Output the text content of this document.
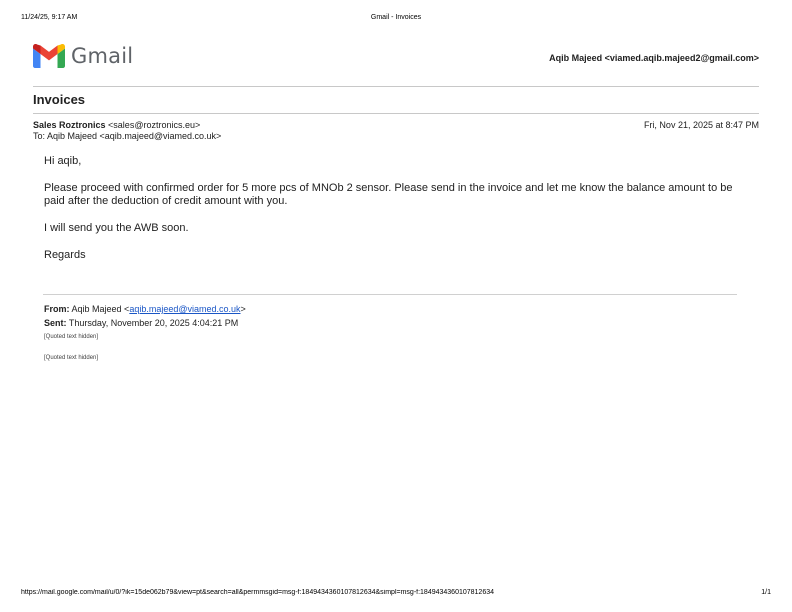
11/24/25, 9:17 AM	Gmail - Invoices
Gmail	Aqib Majeed <viamed.aqib.majeed2@gmail.com>
Invoices
Sales Roztronics <sales@roztronics.eu>	Fri, Nov 21, 2025 at 8:47 PM
To: Aqib Majeed <aqib.majeed@viamed.co.uk>
Hi aqib,
Please proceed with confirmed order for 5 more pcs of MNOb 2 sensor. Please send in the invoice and let me know the balance amount to be paid after the deduction of credit amount with you.
I will send you the AWB soon.
Regards
From: Aqib Majeed <aqib.majeed@viamed.co.uk>
Sent: Thursday, November 20, 2025 4:04:21 PM
[Quoted text hidden]
[Quoted text hidden]
https://mail.google.com/mail/u/0/?ik=15de062b79&view=pt&search=all&permmsgid=msg-f:1849434360107812634&simpl=msg-f:1849434360107812634	1/1
